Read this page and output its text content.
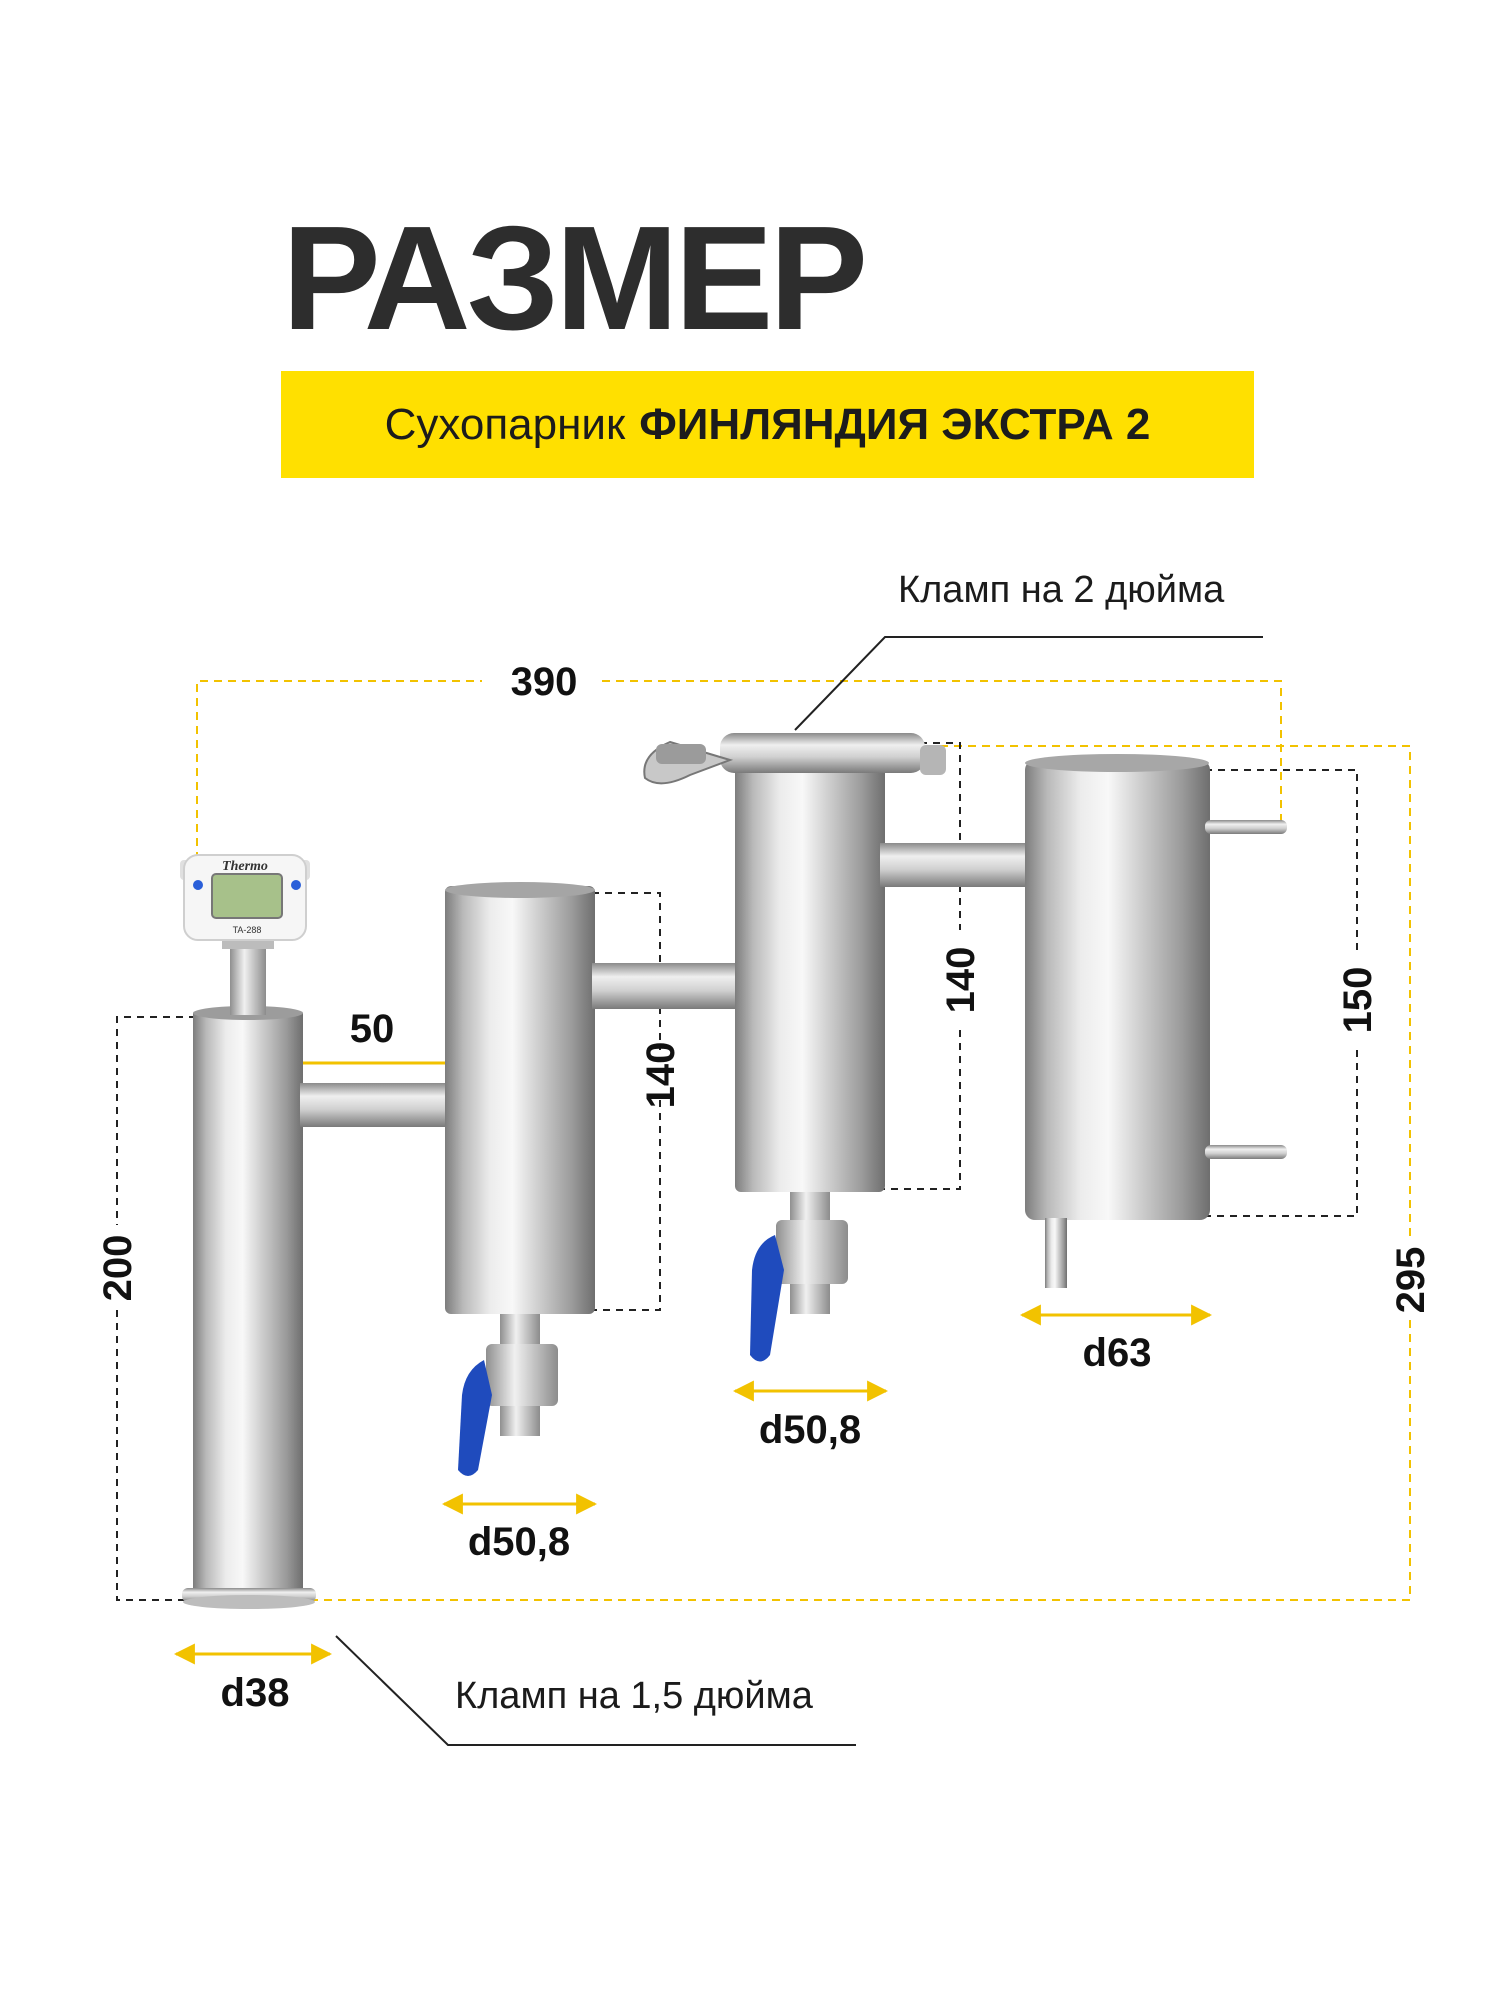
РАЗМЕР
Сухопарник ФИНЛЯНДИЯ ЭКСТРА 2
Thermo
TA-288
390
50
d38
d50,8
d50,8
d63
200
140
140	150
295
Кламп на 2 дюйма
Кламп на 1,5 дюйма
